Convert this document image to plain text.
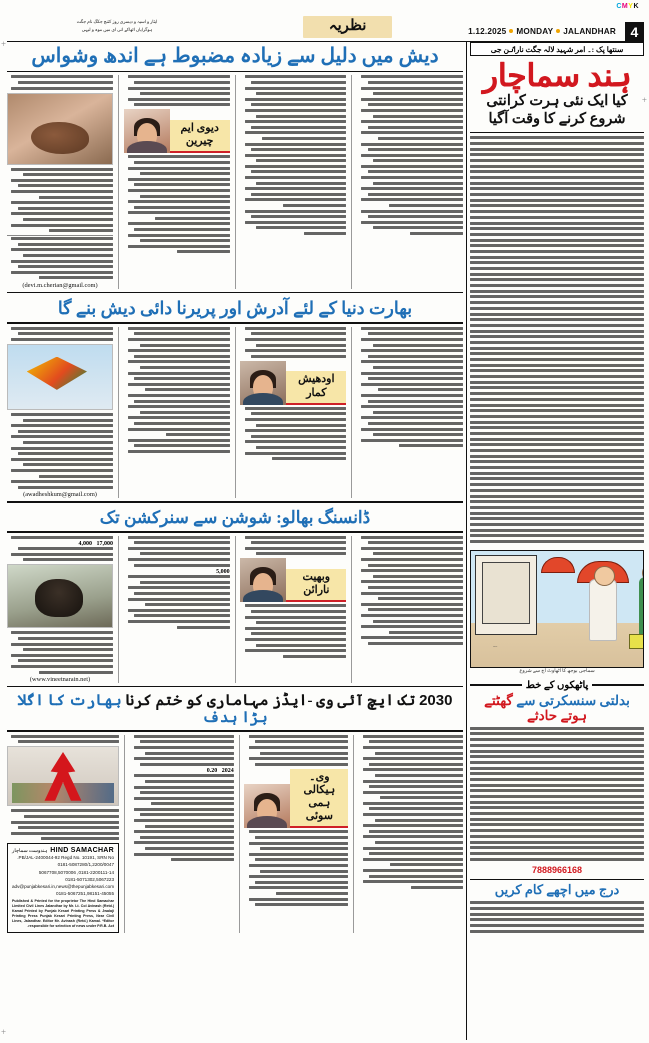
CMYK
+
+
+
ایثار و اسیہ و دیسری روز کتنج جکگ نام جگت
ہوگرایاں اٹھاکے انی ای میں موہ و لبہی	نظریہ	1.12.2025 MONDAY JALANDHAR	4
دیش میں دلیل سے زیادہ مضبوط ہے اندھ وشواس
(devi.m.cherian@gmail.com)
دیوی ایم چیرین
بھارت دنیا کے لئے آدرش اور پریرنا دائی دیش بنے گا
(awadheshkum@gmail.com)
اودھیش کمار
ڈانسنگ بھالو: شوشن سے سنرکشن تک
17,000   4,000
(www.vineetnarain.net)
5,000	وبھیت نارائن
2030 تک ایچ آئی وی -ایڈز مہاماری کو ختم کرنا بھارت کا اگلا بڑا ہدف
HIND SAMACHAR
ہندوست سماچار
PB/JAL-2400044-92 Regd No. 10191, SRN No.
0181-5087280/1,2200/0047
0181-2200111-14, 5067708,5070006
0181-5071302,5067223
adv@punjabkesari.in,news@thepunjabkesari.com
0181-5067251,98151-45055
Published & Printed for the proprietor The Hind Samachar Limited Civil Lines Jalandhar by Mr. Lt. Col Avinash (Retd.) Kamal Printed by Punjab Kesari Printing Press & Jwalaji Printing Press Punjab Kesari Printing Press, Near Civil Lines, Jalandhar. Editor Mr. Avinash (Retd.) Kamal. *Editor responsible for selection of news under P.R.B. Act.
2024   0.20	وی۔ ہیکالی ہمی سوئی
سنتھا پک :۔ امر شہید لالہ جگت ناراٸن جی
ہند سماچار
کیا ایک نئی ہرت کرانتی شروع کرنے کا وقت آگیا
~~
سماجی بوجھ کا اٹھاوٹ آج سے شروع
پاٹھکوں کے خط
بدلتی سنسکرتی سے گھٹتے ہوتے حادثے
7888966168
درج میں اچھے کام کریں
